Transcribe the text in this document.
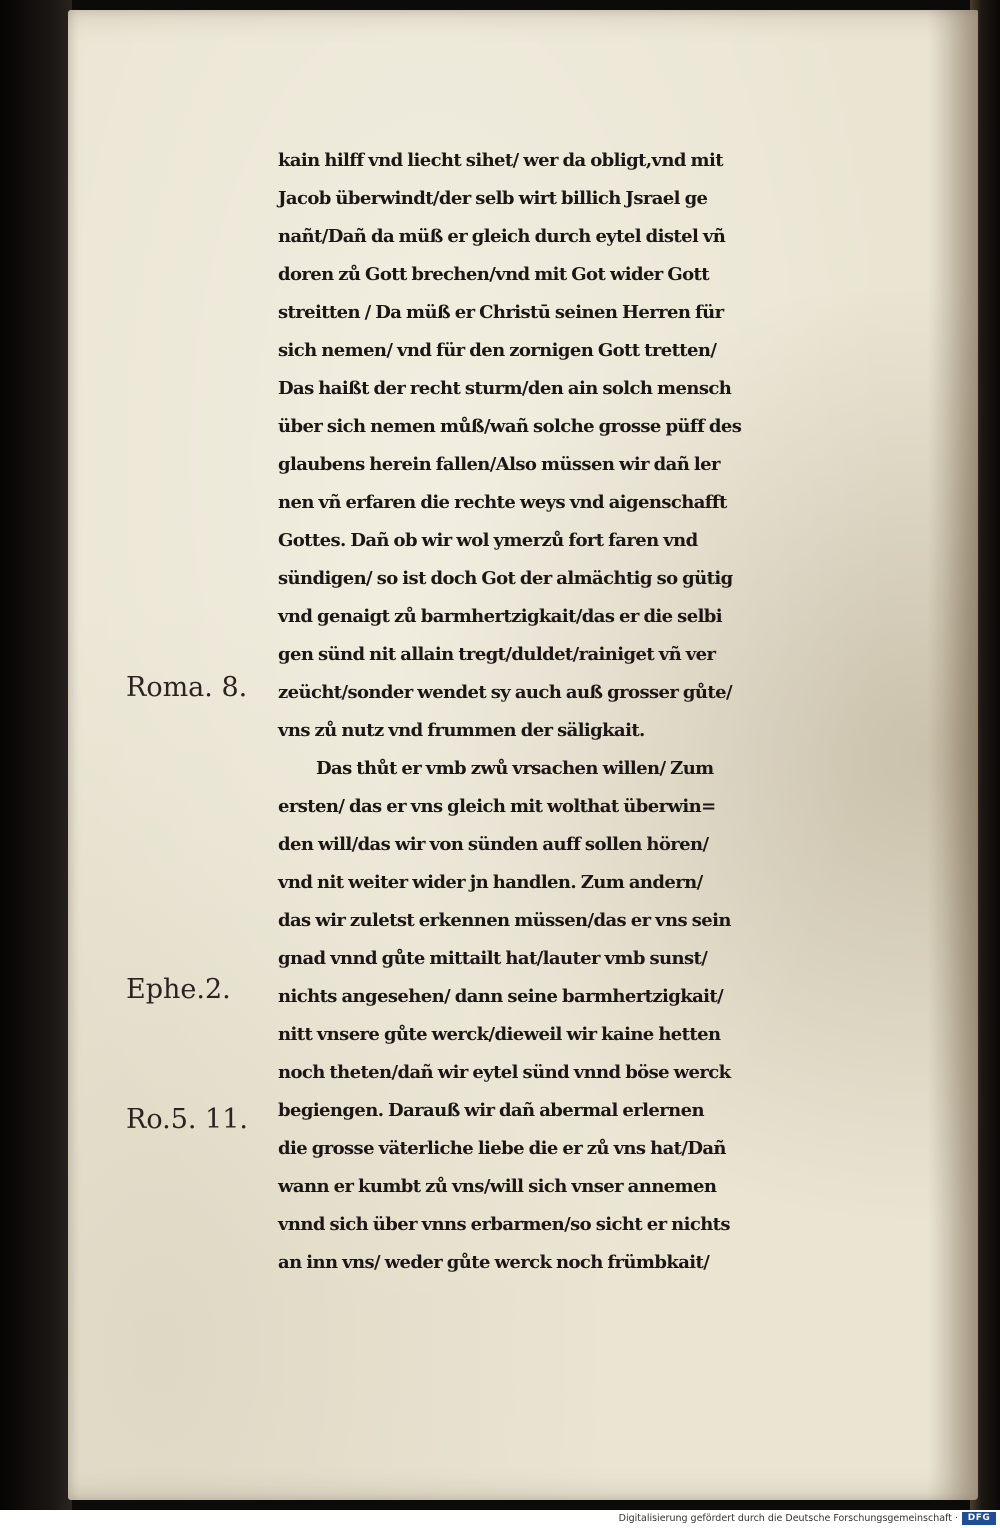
Roma. 8.
Ephe.2.
Ro.5. 11.
kain hilff vnd liecht sihet/ wer da obligt,vnd mit
Jacob überwindt/der selb wirt billich Jsrael ge
nañt/Dañ da müß er gleich durch eytel distel vñ
doren zů Gott brechen/vnd mit Got wider Gott
streitten / Da müß er Christū seinen Herren für
sich nemen/ vnd für den zornigen Gott tretten/
Das haißt der recht sturm/den ain solch mensch
über sich nemen můß/wañ solche grosse püff des
glaubens herein fallen/Also müssen wir dañ ler
nen vñ erfaren die rechte weys vnd aigenschafft
Gottes. Dañ ob wir wol ymerzů fort faren vnd
sündigen/ so ist doch Got der almächtig so gütig
vnd genaigt zů barmhertzigkait/das er die selbi
gen sünd nit allain tregt/duldet/rainiget vñ ver
zeücht/sonder wendet sy auch auß grosser gůte/
vns zů nutz vnd frummen der säligkait.
Das thůt er vmb zwů vrsachen willen/ Zum
ersten/ das er vns gleich mit wolthat überwin=
den will/das wir von sünden auff sollen hören/
vnd nit weiter wider jn handlen. Zum andern/
das wir zuletst erkennen müssen/das er vns sein
gnad vnnd gůte mittailt hat/lauter vmb sunst/
nichts angesehen/ dann seine barmhertzigkait/
nitt vnsere gůte werck/dieweil wir kaine hetten
noch theten/dañ wir eytel sünd vnnd böse werck
begiengen. Darauß wir dañ abermal erlernen
die grosse väterliche liebe die er zů vns hat/Dañ
wann er kumbt zů vns/will sich vnser annemen
vnnd sich über vnns erbarmen/so sicht er nichts
an inn vns/ weder gůte werck noch frümbkait/
Digitalisierung gefördert durch die Deutsche Forschungsgemeinschaft ·	DFG
